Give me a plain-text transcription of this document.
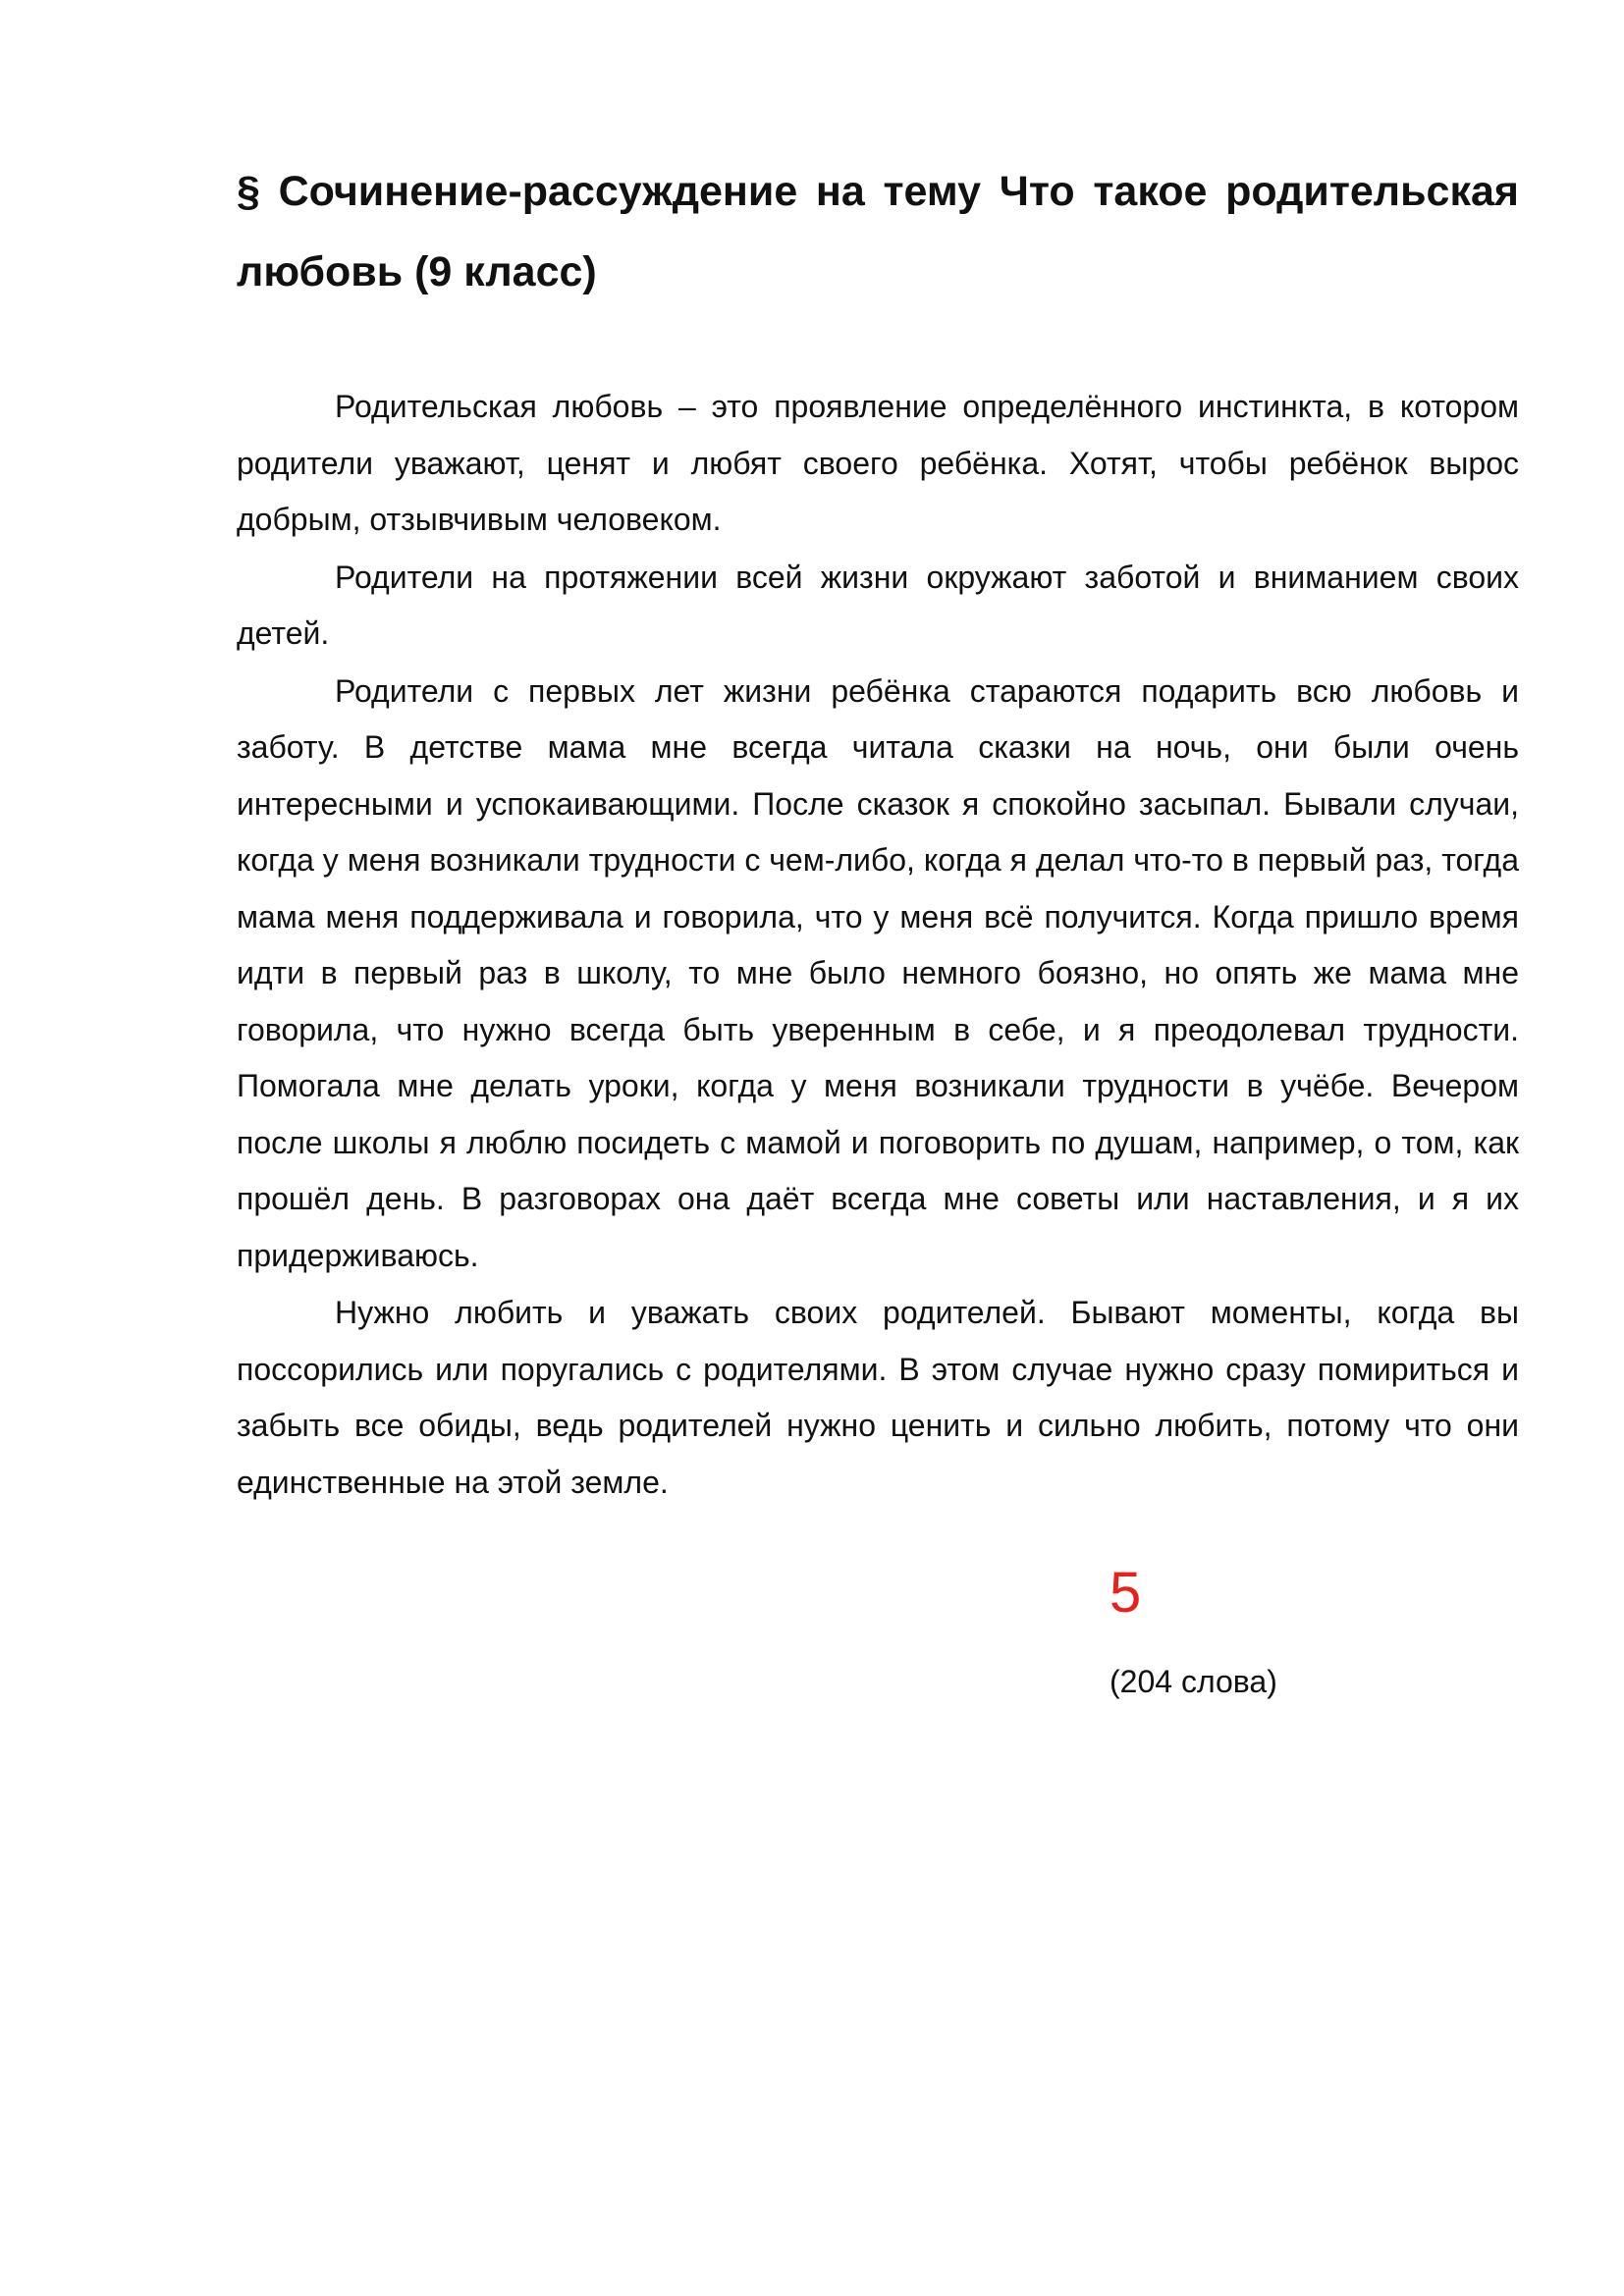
§ Сочинение-рассуждение на тему Что такое родительская любовь (9 класс)

Родительская любовь – это проявление определённого инстинкта, в котором родители уважают, ценят и любят своего ребёнка. Хотят, чтобы ребёнок вырос добрым, отзывчивым человеком.

Родители на протяжении всей жизни окружают заботой и вниманием своих детей.

Родители с первых лет жизни ребёнка стараются подарить всю любовь и заботу. В детстве мама мне всегда читала сказки на ночь, они были очень интересными и успокаивающими. После сказок я спокойно засыпал. Бывали случаи, когда у меня возникали трудности с чем-либо, когда я делал что-то в первый раз, тогда мама меня поддерживала и говорила, что у меня всё получится. Когда пришло время идти в первый раз в школу, то мне было немного боязно, но опять же мама мне говорила, что нужно всегда быть уверенным в себе, и я преодолевал трудности. Помогала мне делать уроки, когда у меня возникали трудности в учёбе. Вечером после школы я люблю посидеть с мамой и поговорить по душам, например, о том, как прошёл день. В разговорах она даёт всегда мне советы или наставления, и я их придерживаюсь.

Нужно любить и уважать своих родителей. Бывают моменты, когда вы поссорились или поругались с родителями. В этом случае нужно сразу помириться и забыть все обиды, ведь родителей нужно ценить и сильно любить, потому что они единственные на этой земле.

5
(204 слова)
